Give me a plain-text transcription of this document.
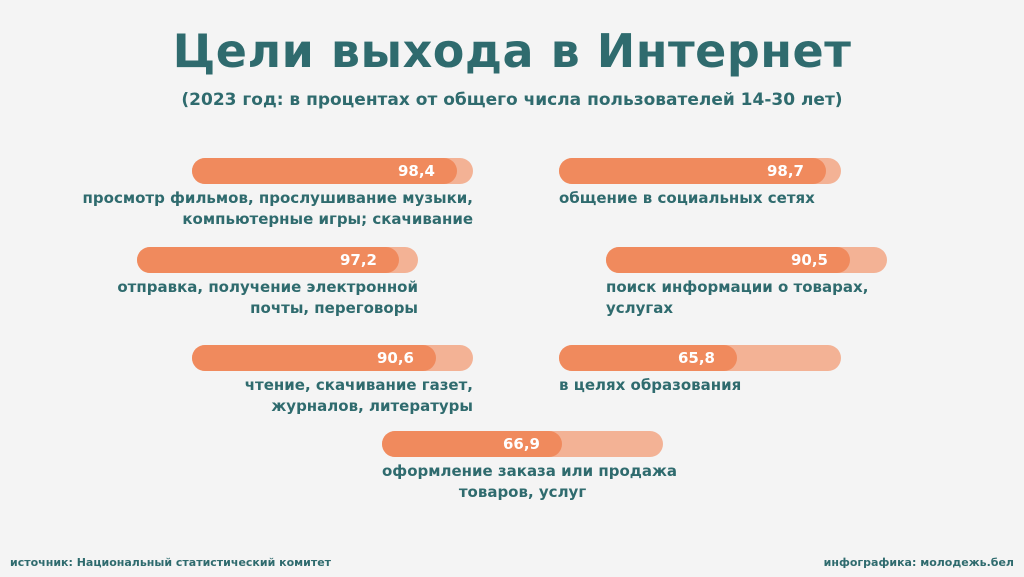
Цели выхода в Интернет
(2023 год: в процентах от общего числа пользователей 14-30 лет)
98,4
просмотр фильмов, прослушивание музыки,
компьютерные игры; скачивание
98,7
общение в социальных сетях
97,2
отправка, получение электронной
почты, переговоры
90,5
поиск информации о товарах,
услугах
90,6
чтение, скачивание газет,
журналов, литературы
65,8
в целях образования
66,9
оформление заказа или продажа
товаров, услуг
источник: Национальный статистический комитет	инфографика: молодежь.бел
